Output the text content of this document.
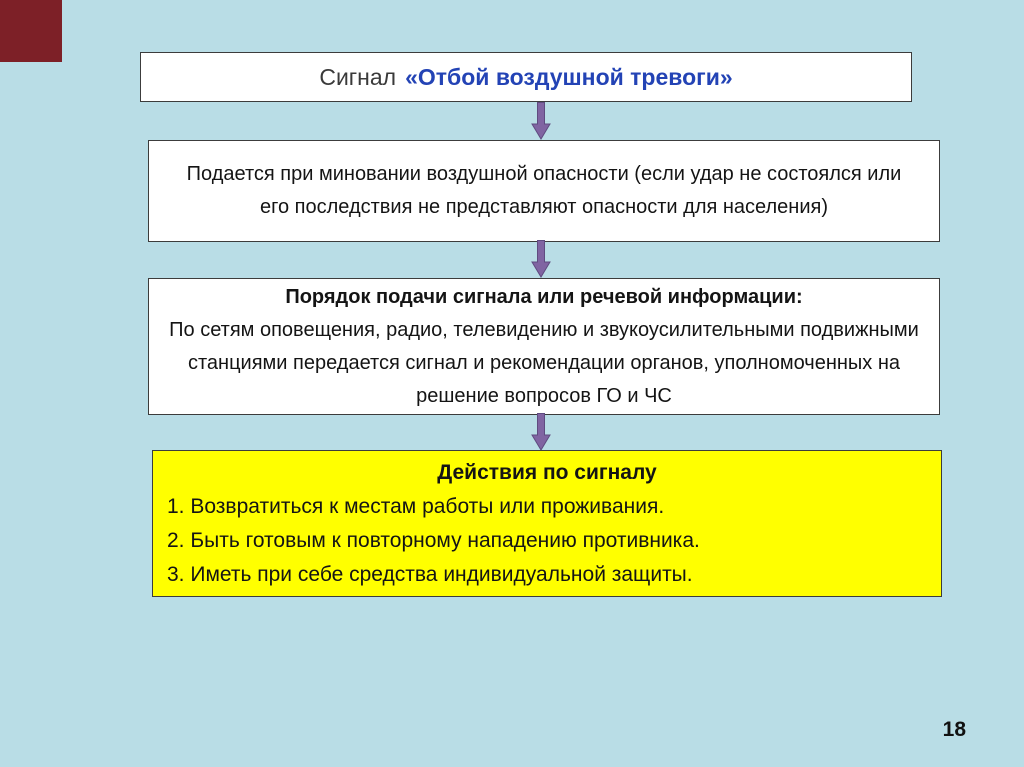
Сигнал «Отбой воздушной тревоги»
Подается при миновании воздушной опасности (если удар не состоялся или его последствия не представляют опасности для населения)
Порядок подачи сигнала или речевой информации:
По сетям оповещения, радио, телевидению и звукоусилительными подвижными станциями передается сигнал и рекомендации органов, уполномоченных на решение вопросов ГО и ЧС
Действия по сигналу
1. Возвратиться к местам работы или проживания.
2. Быть готовым к повторному нападению противника.
3. Иметь при себе средства индивидуальной защиты.
18
